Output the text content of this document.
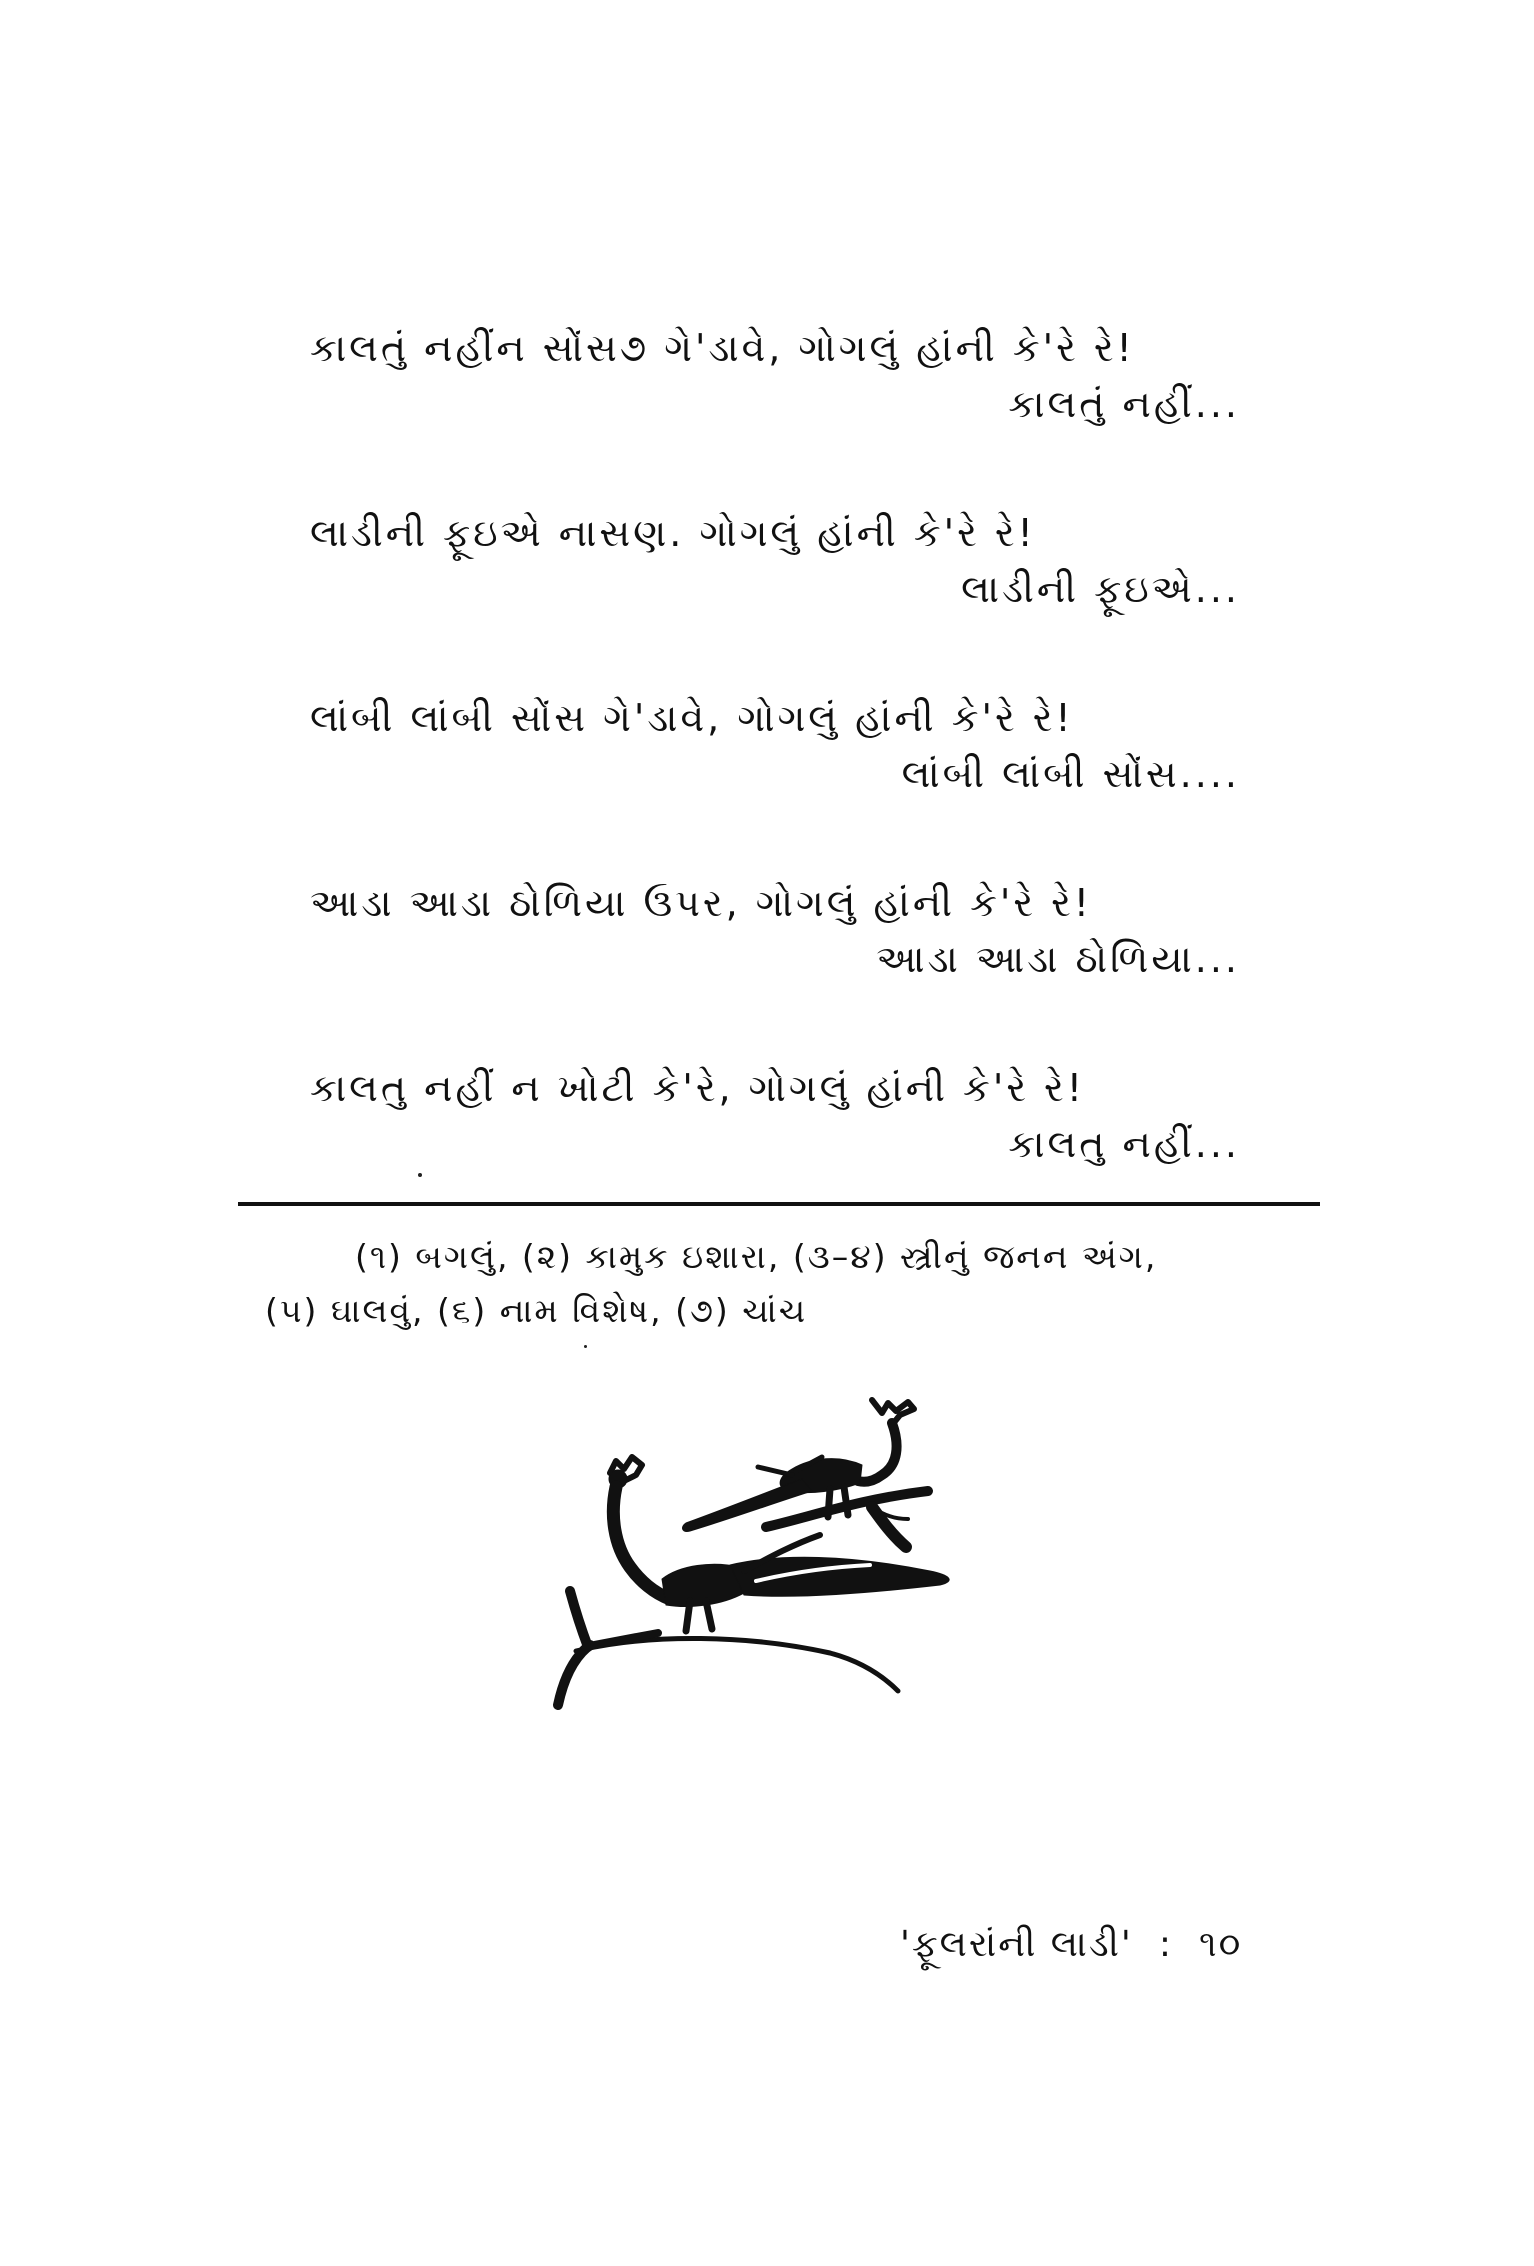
કાલતું નહીંન સોંસ૭ ગે'ડાવે, ગોગલું હાંની કે'રે રે!
કાલતું નહીં...
લાડીની ફૂઇએ નાસણ. ગોગલું હાંની કે'રે રે!
લાડીની ફૂઇએ...
લાંબી લાંબી સોંસ ગે'ડાવે, ગોગલું હાંની કે'રે રે!
લાંબી લાંબી સોંસ....
આડા આડા ઠોળિયા ઉપર, ગોગલું હાંની કે'રે રે!
આડા આડા ઠોળિયા...
કાલતુ નહીં ન ખોટી કે'રે, ગોગલું હાંની કે'રે રે!
કાલતુ નહીં...
(૧) બગલું, (૨) કામુક ઇશારા, (૩–૪) સ્ત્રીનું જનન અંગ,
(૫) ઘાલવું, (૬) નામ વિશેષ, (૭) ચાંચ
'ફૂલરાંની લાડી' : ૧૦
